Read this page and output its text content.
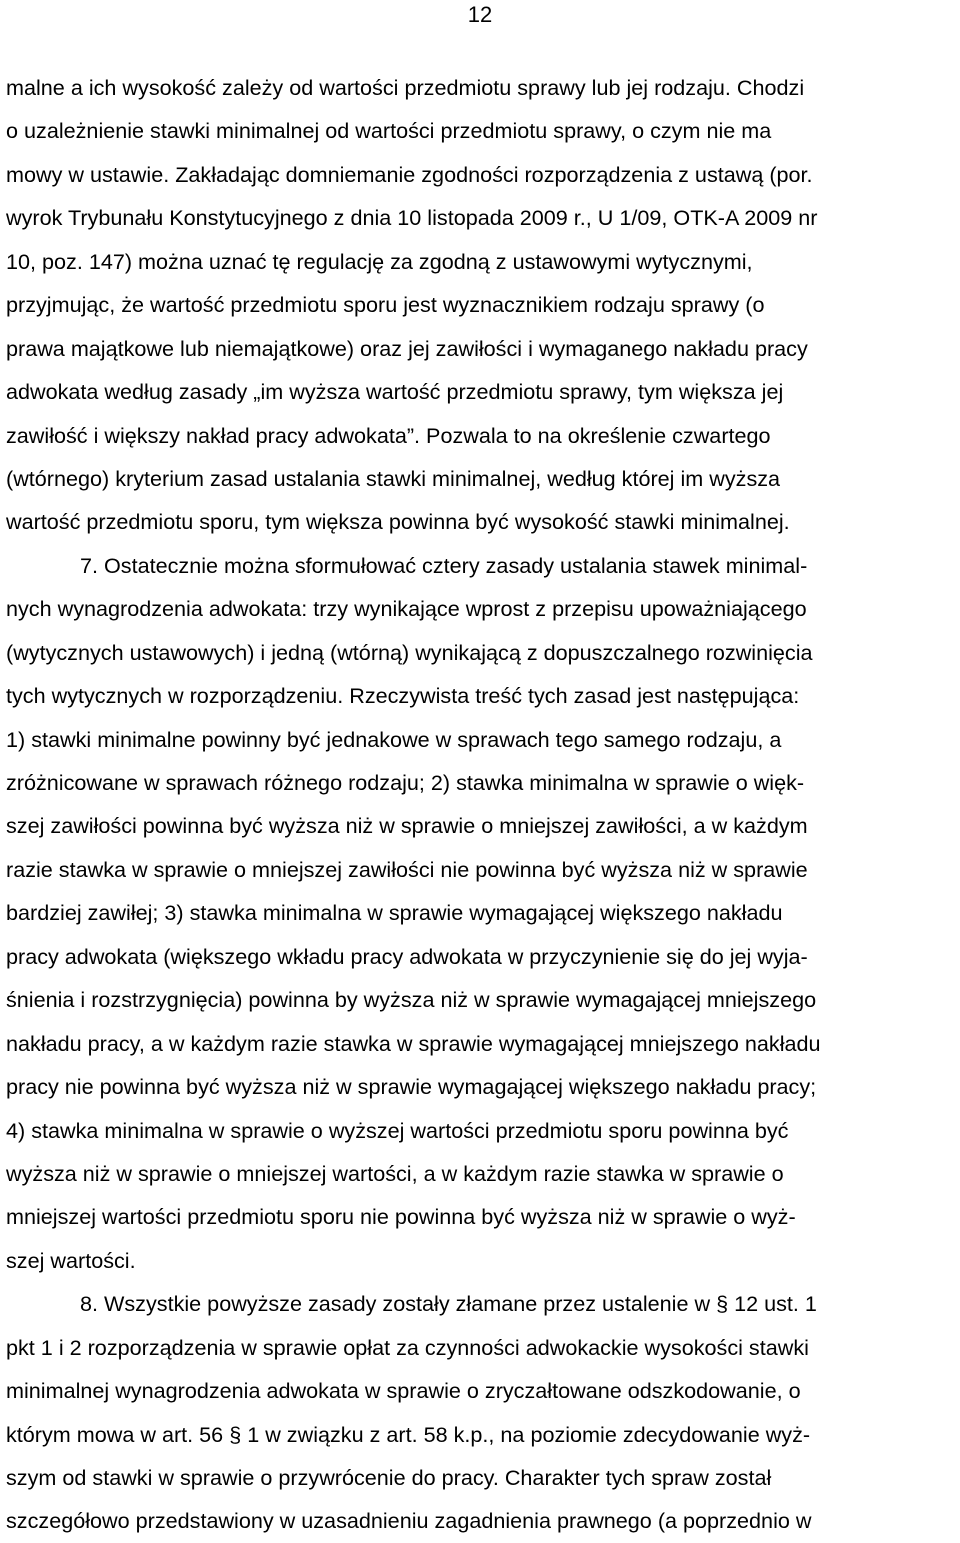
12
malne a ich wysokość zależy od wartości przedmiotu sprawy lub jej rodzaju. Chodzi
o uzależnienie stawki minimalnej od wartości przedmiotu sprawy, o czym nie ma
mowy w ustawie. Zakładając domniemanie zgodności rozporządzenia z ustawą (por.
wyrok Trybunału Konstytucyjnego z dnia 10 listopada 2009 r., U 1/09, OTK-A 2009 nr
10, poz. 147) można uznać tę regulację za zgodną z ustawowymi wytycznymi,
przyjmując, że wartość przedmiotu sporu jest wyznacznikiem rodzaju sprawy (o
prawa majątkowe lub niemajątkowe) oraz jej zawiłości i wymaganego nakładu pracy
adwokata według zasady „im wyższa wartość przedmiotu sprawy, tym większa jej
zawiłość i większy nakład pracy adwokata”. Pozwala to na określenie czwartego
(wtórnego) kryterium zasad ustalania stawki minimalnej, według której im wyższa
wartość przedmiotu sporu, tym większa powinna być wysokość stawki minimalnej.
7. Ostatecznie można sformułować cztery zasady ustalania stawek minimal-
nych wynagrodzenia adwokata: trzy wynikające wprost z przepisu upoważniającego
(wytycznych ustawowych) i jedną (wtórną) wynikającą z dopuszczalnego rozwinięcia
tych wytycznych w rozporządzeniu. Rzeczywista treść tych zasad jest następująca:
1) stawki minimalne powinny być jednakowe w sprawach tego samego rodzaju, a
zróżnicowane w sprawach różnego rodzaju; 2) stawka minimalna w sprawie o więk-
szej zawiłości powinna być wyższa niż w sprawie o mniejszej zawiłości, a w każdym
razie stawka w sprawie o mniejszej zawiłości nie powinna być wyższa niż w sprawie
bardziej zawiłej; 3) stawka minimalna w sprawie wymagającej większego nakładu
pracy adwokata (większego wkładu pracy adwokata w przyczynienie się do jej wyja-
śnienia i rozstrzygnięcia) powinna by wyższa niż w sprawie wymagającej mniejszego
nakładu pracy, a w każdym razie stawka w sprawie wymagającej mniejszego nakładu
pracy nie powinna być wyższa niż w sprawie wymagającej większego nakładu pracy;
4) stawka minimalna w sprawie o wyższej wartości przedmiotu sporu powinna być
wyższa niż w sprawie o mniejszej wartości, a w każdym razie stawka w sprawie o
mniejszej wartości przedmiotu sporu nie powinna być wyższa niż w sprawie o wyż-
szej wartości.
8. Wszystkie powyższe zasady zostały złamane przez ustalenie w § 12 ust. 1
pkt 1 i 2 rozporządzenia w sprawie opłat za czynności adwokackie wysokości stawki
minimalnej wynagrodzenia adwokata w sprawie o zryczałtowane odszkodowanie, o
którym mowa w art. 56 § 1 w związku z art. 58 k.p., na poziomie zdecydowanie wyż-
szym od stawki w sprawie o przywrócenie do pracy. Charakter tych spraw został
szczegółowo przedstawiony w uzasadnieniu zagadnienia prawnego (a poprzednio w
